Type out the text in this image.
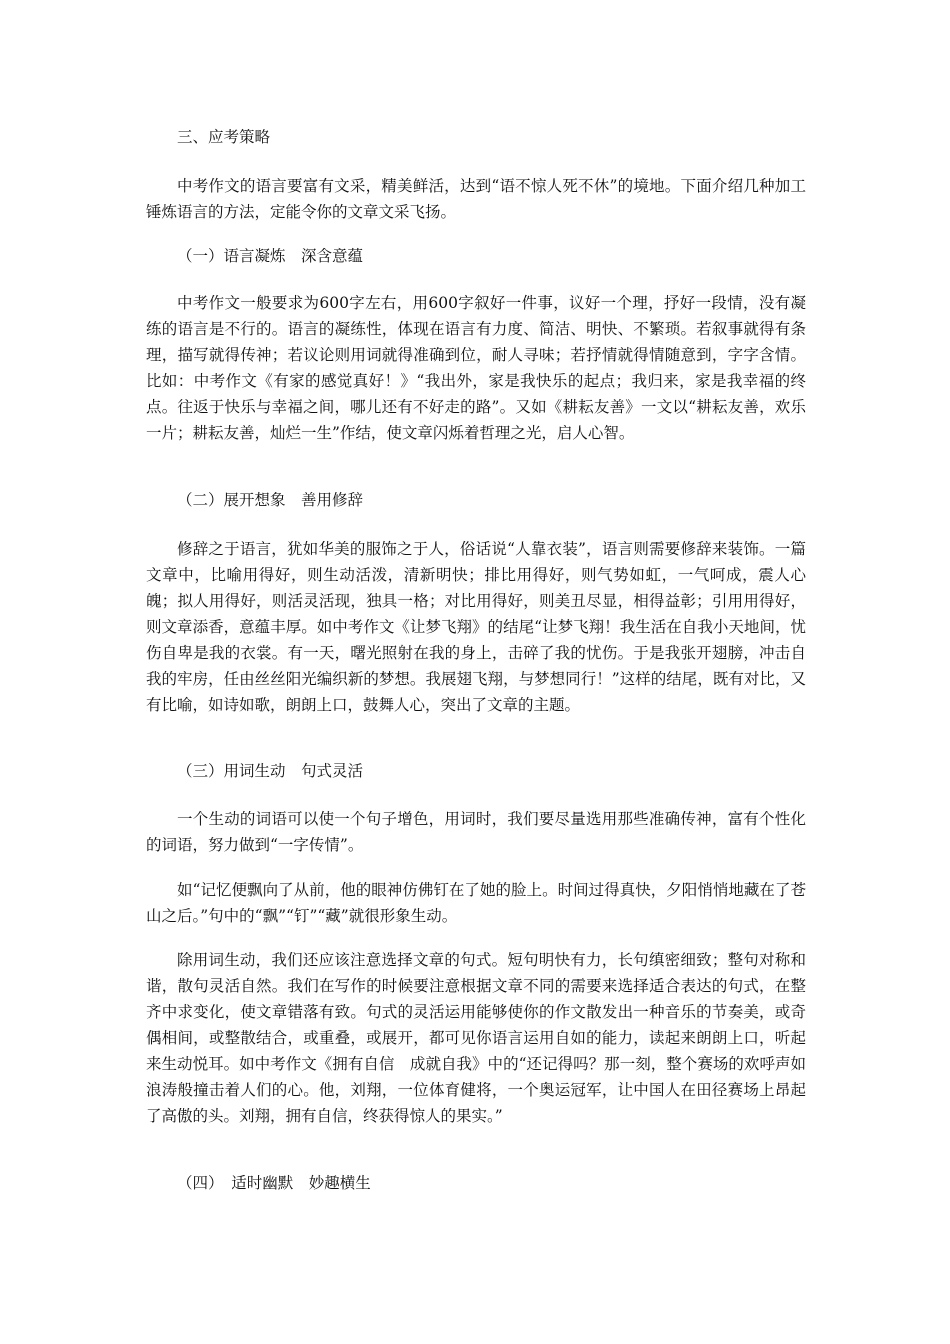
三、应考策略

中考作文的语言要富有文采，精美鲜活，达到“语不惊人死不休”的境地。下面介绍几种加工锤炼语言的方法，定能令你的文章文采飞扬。

（一）语言凝炼　深含意蕴

中考作文一般要求为600字左右，用600字叙好一件事，议好一个理，抒好一段情，没有凝练的语言是不行的。语言的凝练性，体现在语言有力度、简洁、明快、不繁琐。若叙事就得有条理，描写就得传神；若议论则用词就得准确到位，耐人寻味；若抒情就得情随意到，字字含情。比如：中考作文《有家的感觉真好！》“我出外，家是我快乐的起点；我归来，家是我幸福的终点。往返于快乐与幸福之间，哪儿还有不好走的路”。又如《耕耘友善》一文以“耕耘友善，欢乐一片；耕耘友善，灿烂一生”作结，使文章闪烁着哲理之光，启人心智。

（二）展开想象　善用修辞

修辞之于语言，犹如华美的服饰之于人，俗话说“人靠衣装”，语言则需要修辞来装饰。一篇文章中，比喻用得好，则生动活泼，清新明快；排比用得好，则气势如虹，一气呵成，震人心魄；拟人用得好，则活灵活现，独具一格；对比用得好，则美丑尽显，相得益彰；引用用得好，则文章添香，意蕴丰厚。如中考作文《让梦飞翔》的结尾“让梦飞翔！我生活在自我小天地间，忧伤自卑是我的衣裳。有一天，曙光照射在我的身上，击碎了我的忧伤。于是我张开翅膀，冲击自我的牢房，任由丝丝阳光编织新的梦想。我展翅飞翔，与梦想同行！”这样的结尾，既有对比，又有比喻，如诗如歌，朗朗上口，鼓舞人心，突出了文章的主题。

（三）用词生动　句式灵活

一个生动的词语可以使一个句子增色，用词时，我们要尽量选用那些准确传神，富有个性化的词语，努力做到“一字传情”。

如“记忆便飘向了从前，他的眼神仿佛钉在了她的脸上。时间过得真快，夕阳悄悄地藏在了苍山之后。”句中的“飘”“钉”“藏”就很形象生动。

除用词生动，我们还应该注意选择文章的句式。短句明快有力，长句缜密细致；整句对称和谐，散句灵活自然。我们在写作的时候要注意根据文章不同的需要来选择适合表达的句式，在整齐中求变化，使文章错落有致。句式的灵活运用能够使你的作文散发出一种音乐的节奏美，或奇偶相间，或整散结合，或重叠，或展开，都可见你语言运用自如的能力，读起来朗朗上口，听起来生动悦耳。如中考作文《拥有自信　成就自我》中的“还记得吗？那一刻，整个赛场的欢呼声如浪涛般撞击着人们的心。他，刘翔，一位体育健将，一个奥运冠军，让中国人在田径赛场上昂起了高傲的头。刘翔，拥有自信，终获得惊人的果实。”

（四）　适时幽默　妙趣横生
